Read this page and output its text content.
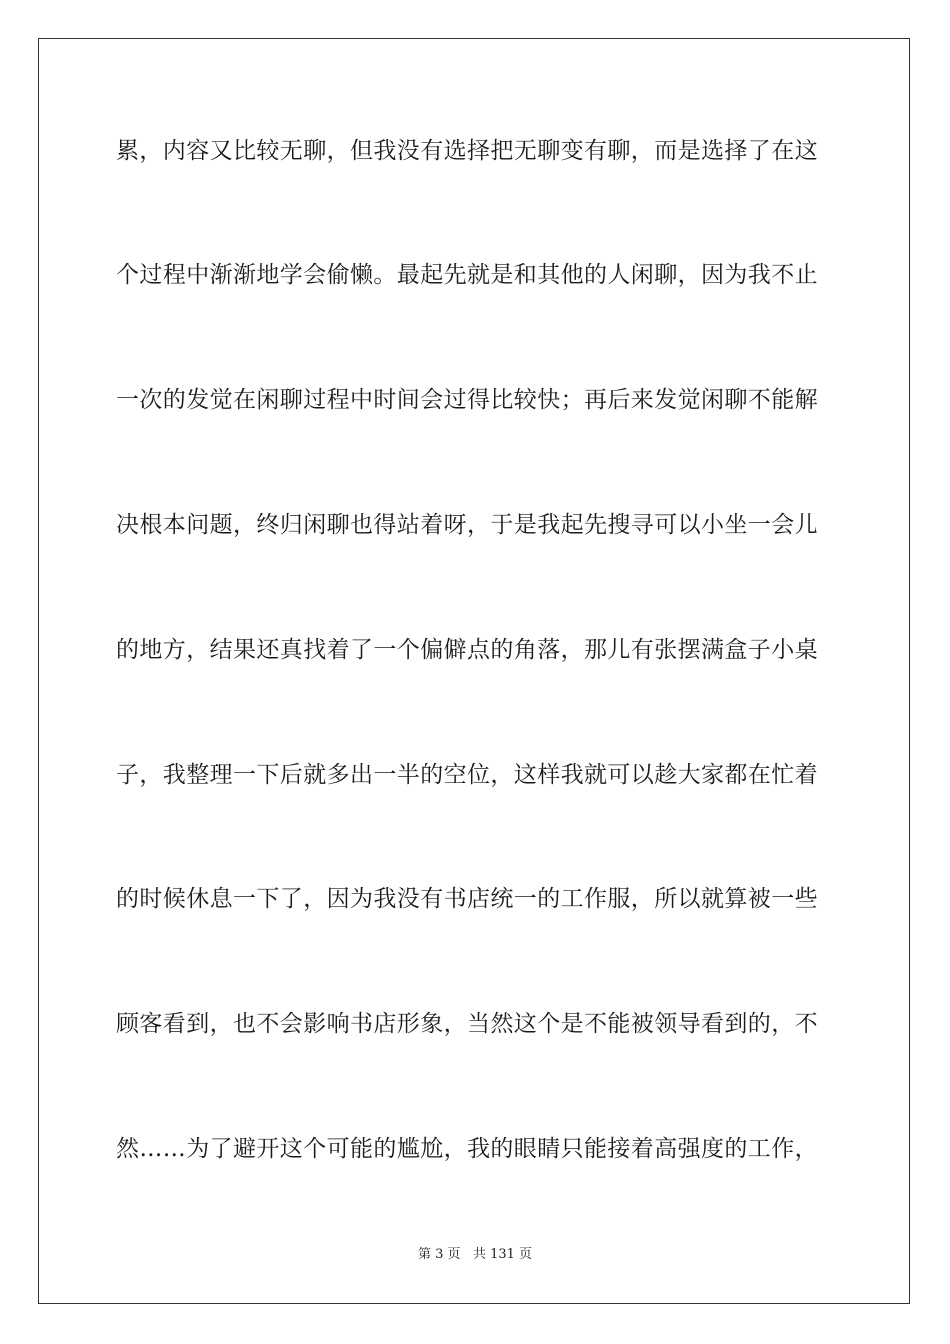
累，内容又比较无聊，但我没有选择把无聊变有聊，而是选择了在这
个过程中渐渐地学会偷懒。最起先就是和其他的人闲聊，因为我不止
一次的发觉在闲聊过程中时间会过得比较快；再后来发觉闲聊不能解
决根本问题，终归闲聊也得站着呀，于是我起先搜寻可以小坐一会儿
的地方，结果还真找着了一个偏僻点的角落，那儿有张摆满盒子小桌
子，我整理一下后就多出一半的空位，这样我就可以趁大家都在忙着
的时候休息一下了，因为我没有书店统一的工作服，所以就算被一些
顾客看到，也不会影响书店形象，当然这个是不能被领导看到的，不
然……为了避开这个可能的尴尬，我的眼睛只能接着高强度的工作，
第 3 页 共 131 页
